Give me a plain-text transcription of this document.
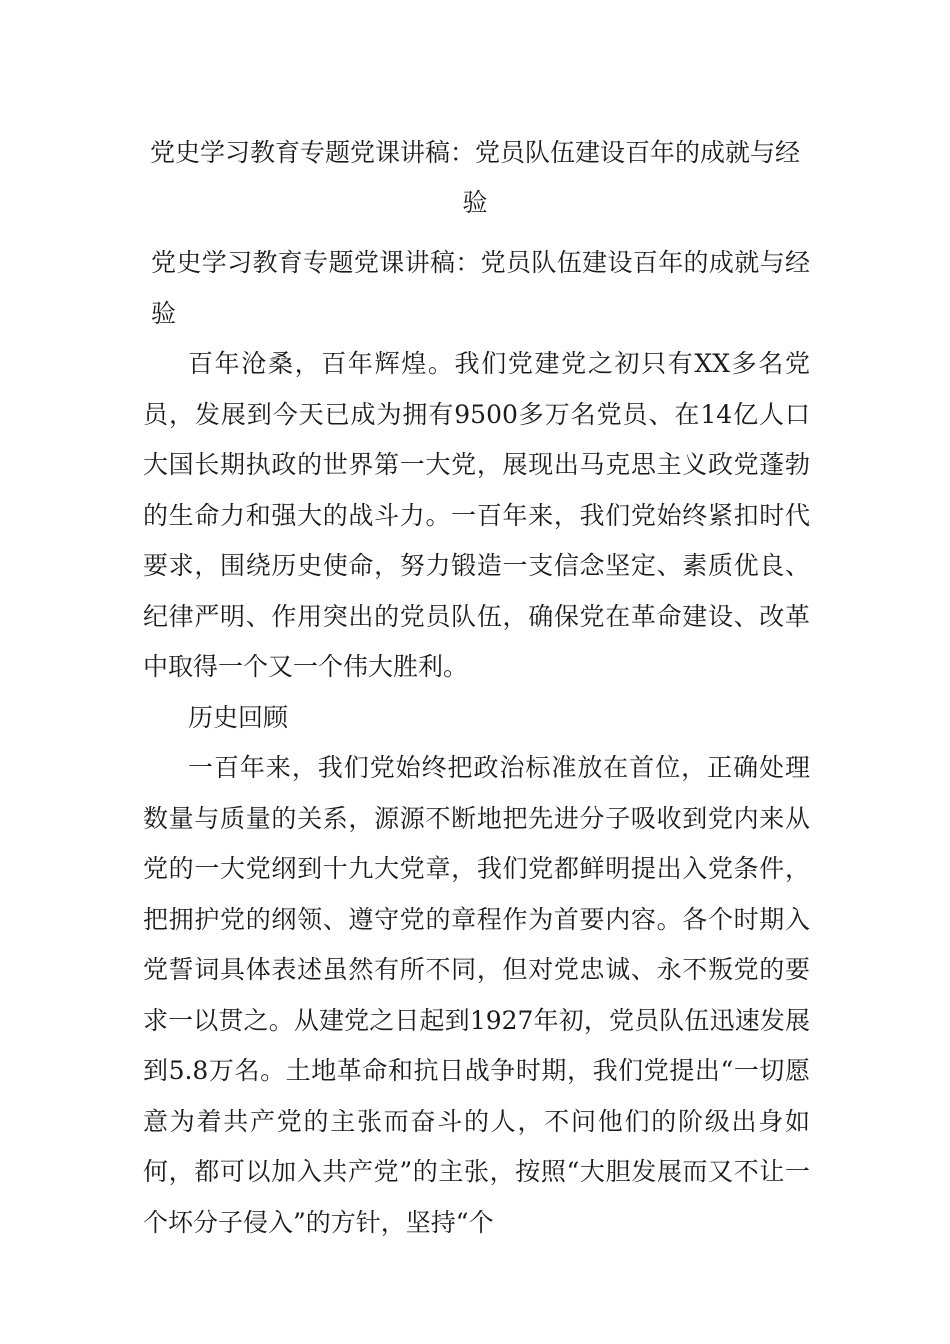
党史学习教育专题党课讲稿：党员队伍建设百年的成就与经验

党史学习教育专题党课讲稿：党员队伍建设百年的成就与经验

百年沧桑，百年辉煌。我们党建党之初只有XX多名党员，发展到今天已成为拥有9500多万名党员、在14亿人口大国长期执政的世界第一大党，展现出马克思主义政党蓬勃的生命力和强大的战斗力。一百年来，我们党始终紧扣时代要求，围绕历史使命，努力锻造一支信念坚定、素质优良、纪律严明、作用突出的党员队伍，确保党在革命建设、改革中取得一个又一个伟大胜利。

历史回顾

一百年来，我们党始终把政治标准放在首位，正确处理数量与质量的关系，源源不断地把先进分子吸收到党内来从党的一大党纲到十九大党章，我们党都鲜明提出入党条件，把拥护党的纲领、遵守党的章程作为首要内容。各个时期入党誓词具体表述虽然有所不同，但对党忠诚、永不叛党的要求一以贯之。从建党之日起到1927年初，党员队伍迅速发展到5.8万名。土地革命和抗日战争时期，我们党提出“一切愿意为着共产党的主张而奋斗的人，不问他们的阶级出身如何，都可以加入共产党”的主张，按照“大胆发展而又不让一个坏分子侵入”的方针，坚持“个
